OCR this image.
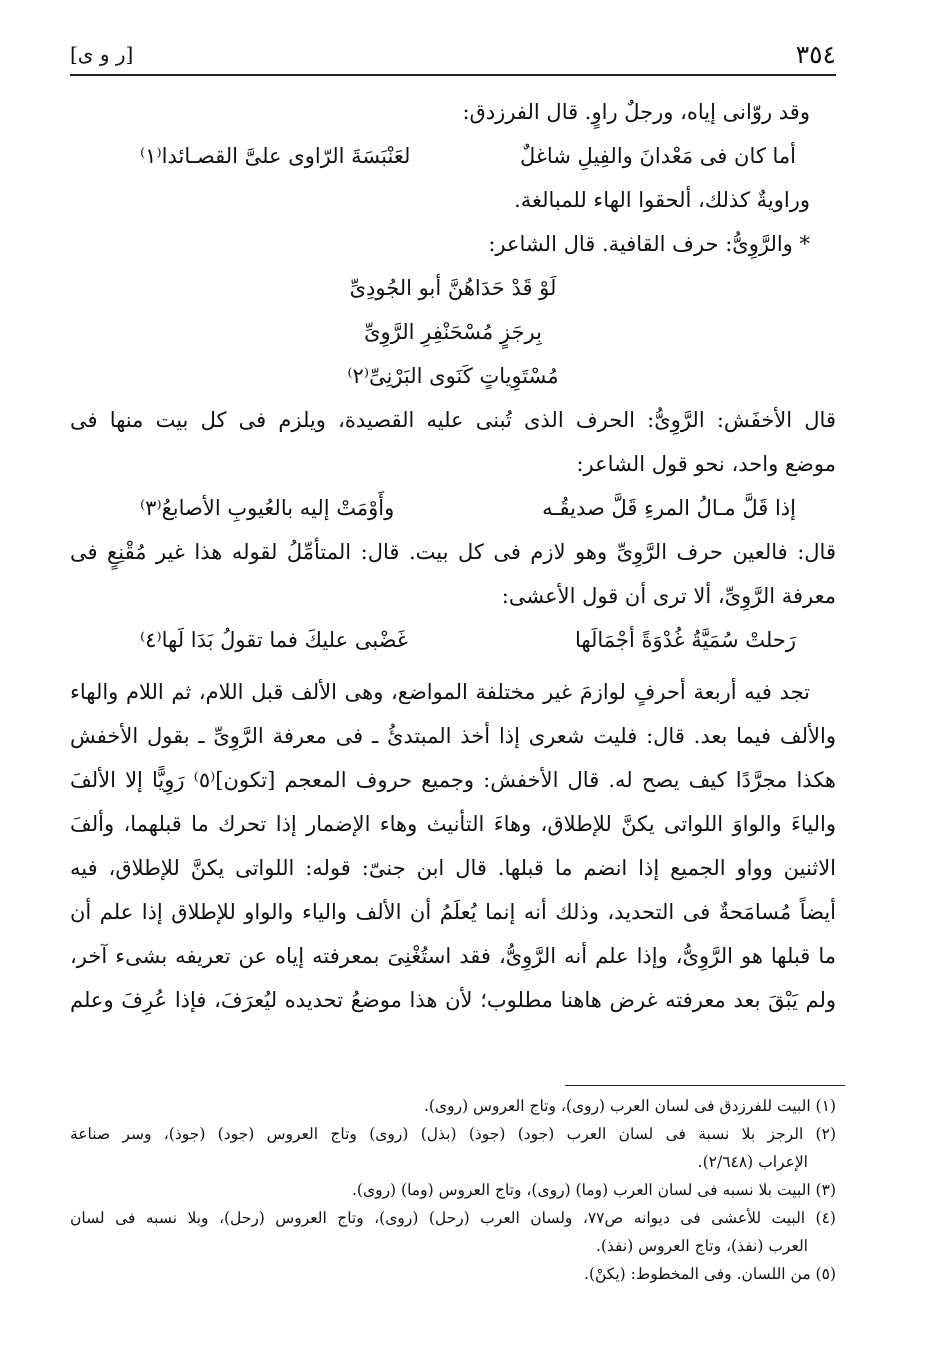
٣٥٤
[ر و ى]
وقد روّانى إياه، ورجلٌ راوٍ. قال الفرزدق:
أما كان فى مَعْدانَ والفِيلِ شاغلٌ
لعَنْبَسَةَ الرّاوى علىَّ القصـائدا⁽١⁾
وراويةٌ كذلك، ألحقوا الهاء للمبالغة.
* والرَّوِىُّ: حرف القافية. قال الشاعر:
لَوْ قَدْ حَدَاهُنَّ أبو الجُودِىِّ
بِرجَزٍ مُسْحَنْفِرِ الرَّوِىِّ
مُسْتَوِياتٍ كَنَوى البَرْنِىِّ⁽٢⁾
قال الأخفَش: الرَّوِىُّ: الحرف الذى تُبنى عليه القصيدة، ويلزم فى كل بيت منها فى
موضع واحد، نحو قول الشاعر:
إذا قَلَّ مـالُ المرءِ قَلَّ صديقُـه
وأَوْمَتْ إليه بالعُيوبِ الأصابعُ⁽٣⁾
قال: فالعين حرف الرَّوِىِّ وهو لازم فى كل بيت. قال: المتأمِّلُ لقوله هذا غير مُقْنِعٍ فى
معرفة الرَّوِىِّ، ألا ترى أن قول الأعشى:
رَحلتْ سُمَيَّةُ غُدْوَةً أجْمَالَها
غَضْبى عليكَ فما تقولُ بَدَا لَها⁽٤⁾
تجد فيه أربعة أحرفٍ لوازمَ غير مختلفة المواضع، وهى الألف قبل اللام، ثم اللام والهاء
والألف فيما بعد. قال: فليت شعرى إذا أخذ المبتدئُ ـ فى معرفة الرَّوِىِّ ـ بقول الأخفش
هكذا مجرَّدًا كيف يصح له. قال الأخفش: وجميع حروف المعجم [تكون]⁽٥⁾ رَوِيًّا إلا الألفَ
والياءَ والواوَ اللواتى يكنَّ للإطلاق، وهاءَ التأنيث وهاء الإضمار إذا تحرك ما قبلهما، وألفَ
الاثنين وواو الجميع إذا انضم ما قبلها. قال ابن جنىّ: قوله: اللواتى يكنَّ للإطلاق، فيه
أيضاً مُسامَحةٌ فى التحديد، وذلك أنه إنما يُعلَمُ أن الألف والياء والواو للإطلاق إذا علم أن
ما قبلها هو الرَّوِىُّ، وإذا علم أنه الرَّوِىُّ، فقد استُغْنِىَ بمعرفته إياه عن تعريفه بشىء آخر،
ولم يَبْقَ بعد معرفته غرض هاهنا مطلوب؛ لأن هذا موضعُ تحديده ليُعرَفَ، فإذا عُرِفَ وعلم
(١) البيت للفرزدق فى لسان العرب (روى)، وتاج العروس (روى).
(٢) الرجز بلا نسبة فى لسان العرب (جود) (جوذ) (بذل) (روى) وتاج العروس (جود) (جوذ)، وسر صناعة
الإعراب (٢/٦٤٨).
(٣) البيت بلا نسبه فى لسان العرب (وما) (روى)، وتاج العروس (وما) (روى).
(٤) البيت للأعشى فى ديوانه ص٧٧، ولسان العرب (رحل) (روى)، وتاج العروس (رحل)، وبلا نسبه فى لسان
العرب (نفذ)، وتاج العروس (نفذ).
(٥) من اللسان. وفى المخطوط: (يكنْ).
